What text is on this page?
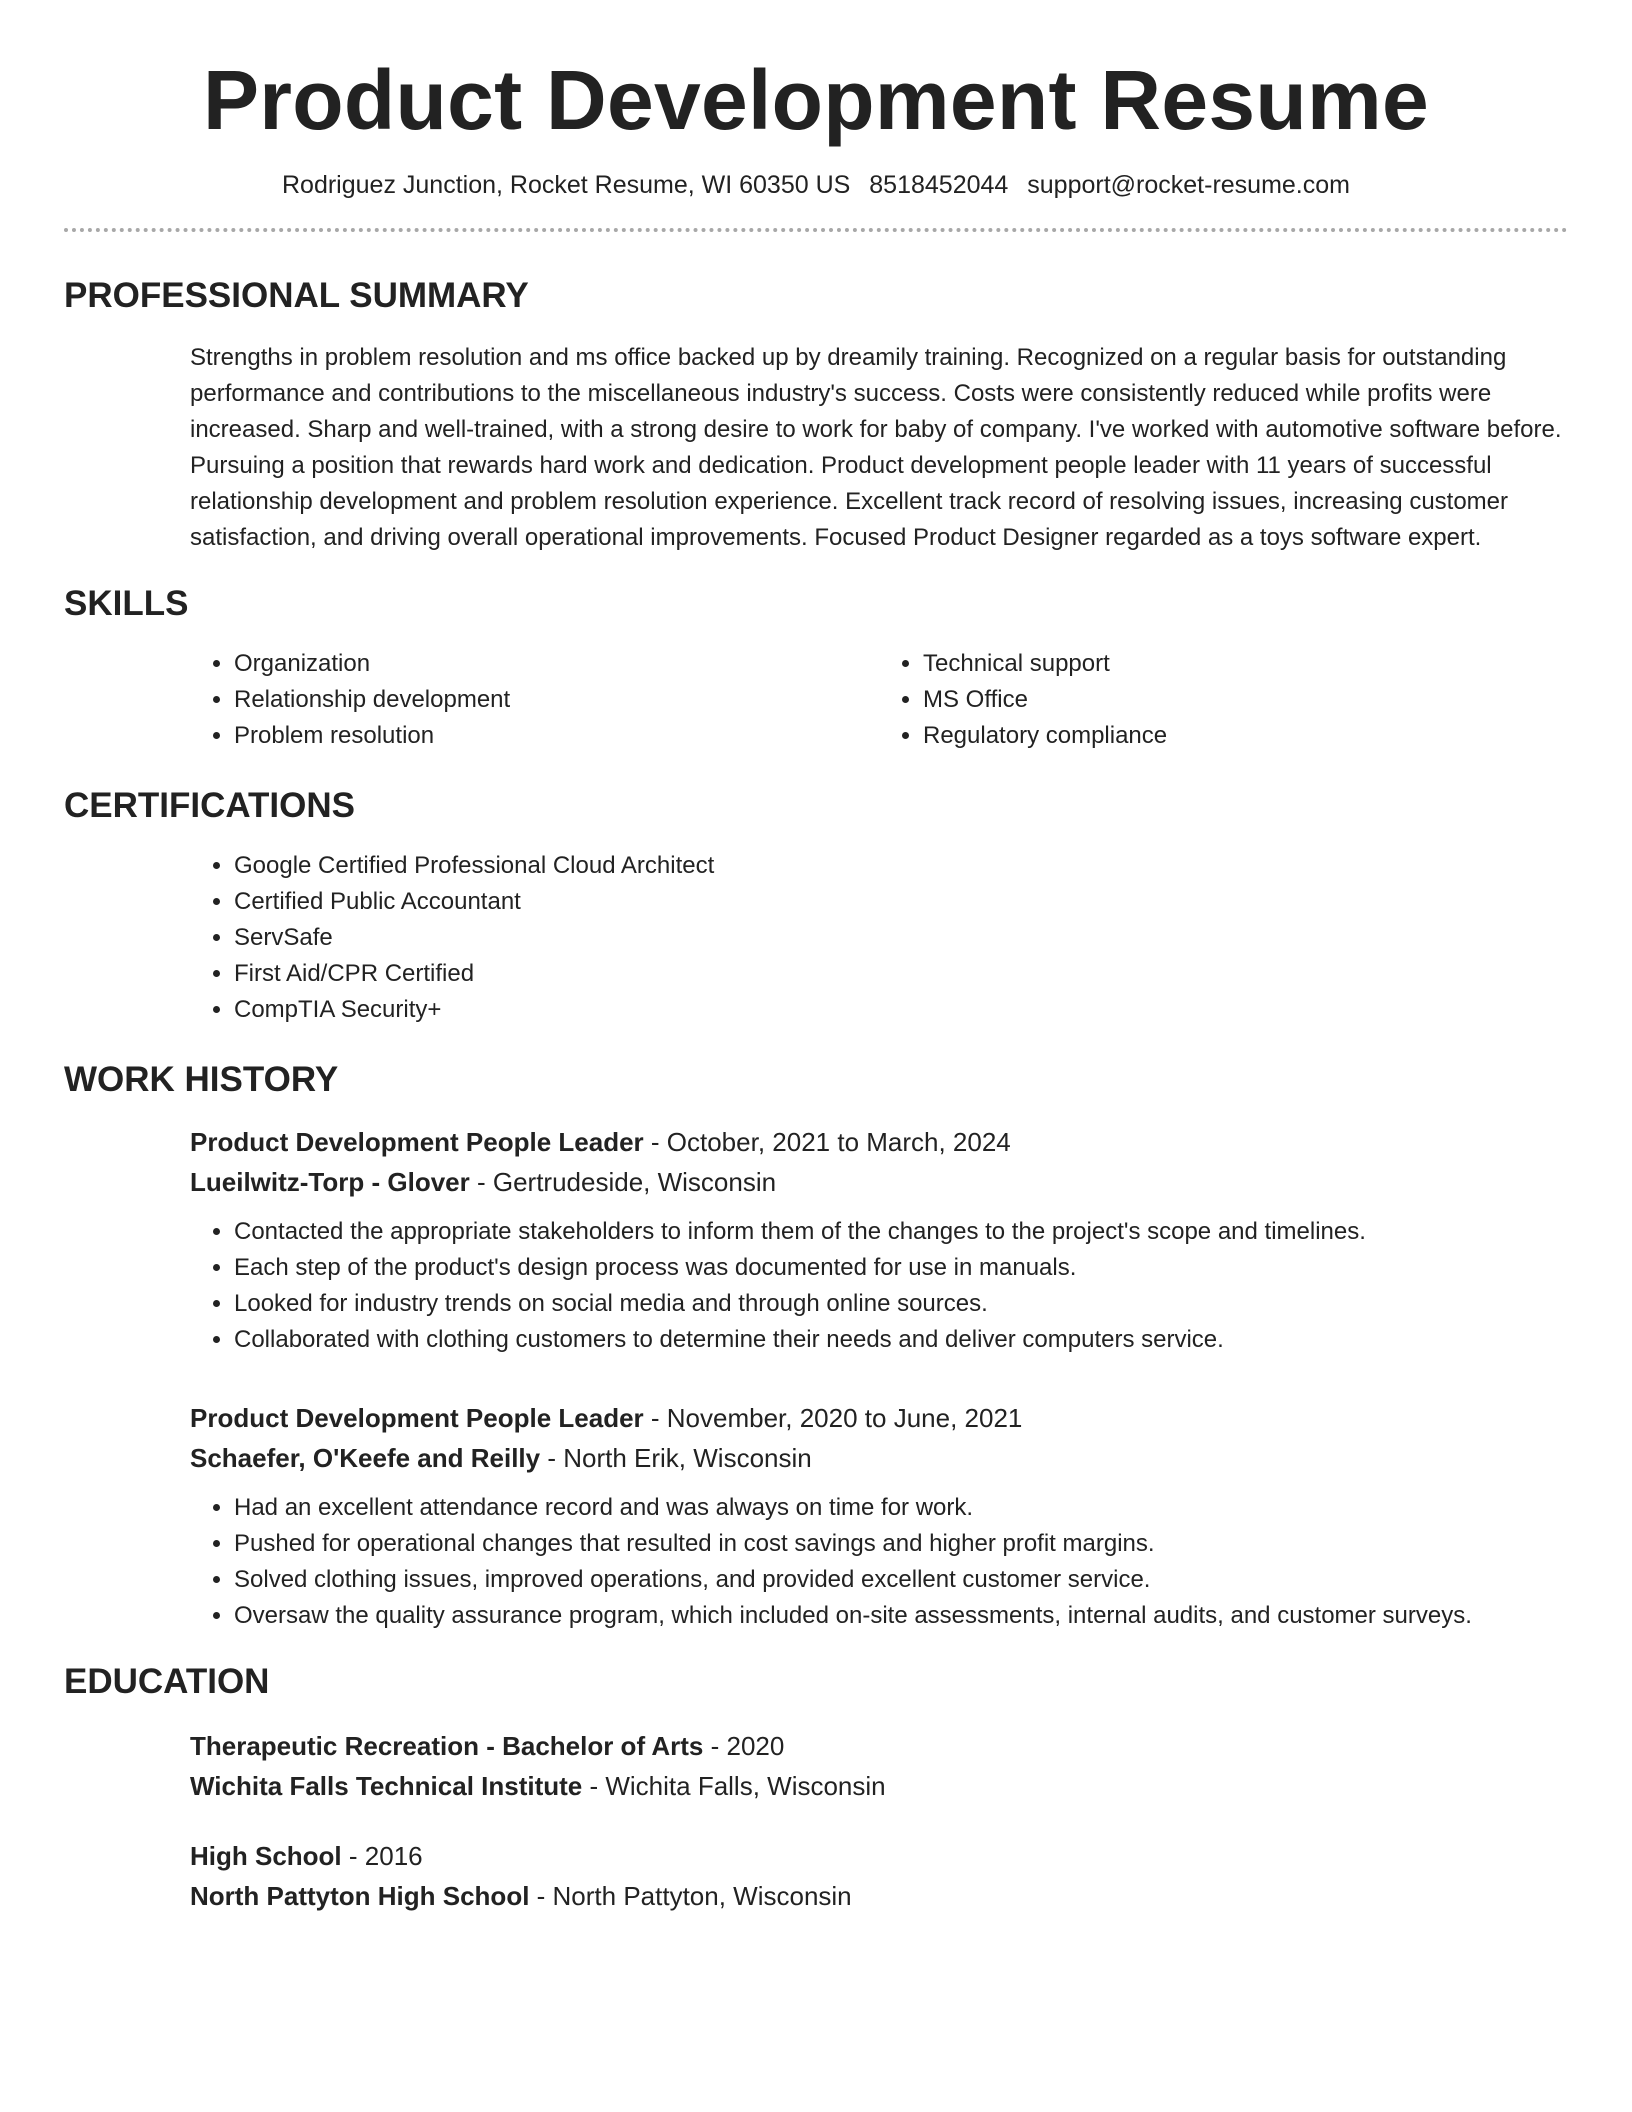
Product Development Resume
Rodriguez Junction, Rocket Resume, WI 60350 US 8518452044 support@rocket-resume.com
PROFESSIONAL SUMMARY
Strengths in problem resolution and ms office backed up by dreamily training. Recognized on a regular basis for outstanding performance and contributions to the miscellaneous industry's success. Costs were consistently reduced while profits were increased. Sharp and well-trained, with a strong desire to work for baby of company. I've worked with automotive software before. Pursuing a position that rewards hard work and dedication. Product development people leader with 11 years of successful relationship development and problem resolution experience. Excellent track record of resolving issues, increasing customer satisfaction, and driving overall operational improvements. Focused Product Designer regarded as a toys software expert.
SKILLS
• Organization
• Relationship development
• Problem resolution
• Technical support
• MS Office
• Regulatory compliance
CERTIFICATIONS
• Google Certified Professional Cloud Architect
• Certified Public Accountant
• ServSafe
• First Aid/CPR Certified
• CompTIA Security+
WORK HISTORY
Product Development People Leader - October, 2021 to March, 2024
Lueilwitz-Torp - Glover - Gertrudeside, Wisconsin
• Contacted the appropriate stakeholders to inform them of the changes to the project's scope and timelines.
• Each step of the product's design process was documented for use in manuals.
• Looked for industry trends on social media and through online sources.
• Collaborated with clothing customers to determine their needs and deliver computers service.
Product Development People Leader - November, 2020 to June, 2021
Schaefer, O'Keefe and Reilly - North Erik, Wisconsin
• Had an excellent attendance record and was always on time for work.
• Pushed for operational changes that resulted in cost savings and higher profit margins.
• Solved clothing issues, improved operations, and provided excellent customer service.
• Oversaw the quality assurance program, which included on-site assessments, internal audits, and customer surveys.
EDUCATION
Therapeutic Recreation - Bachelor of Arts - 2020
Wichita Falls Technical Institute - Wichita Falls, Wisconsin
High School - 2016
North Pattyton High School - North Pattyton, Wisconsin
